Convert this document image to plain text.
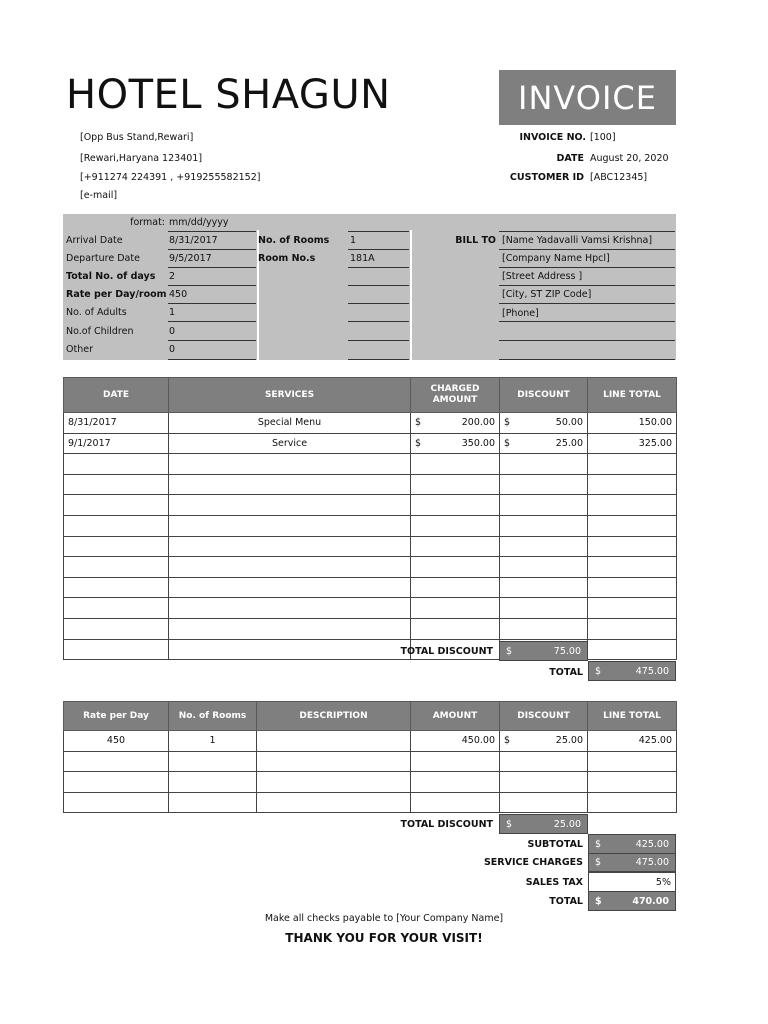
HOTEL SHAGUN	INVOICE
[Opp Bus Stand,Rewari]
[Rewari,Haryana 123401]
[+911274 224391 , +919255582152]
[e-mail]
INVOICE NO. [100]
DATE August 20, 2020
CUSTOMER ID [ABC12345]
format: mm/dd/yyyy
Arrival Date	8/31/2017
Departure Date	9/5/2017
Total No. of days 2
Rate per Day/room 450
No. of Adults	1
No.of Children	0
Other	0
No. of Rooms 1
Room No.s	181A
BILL TO [Name Yadavalli Vamsi Krishna]
[Company Name Hpcl]
[Street Address ]
[City, ST ZIP Code]
[Phone]
DATE	SERVICES	CHARGED AMOUNT	DISCOUNT	LINE TOTAL
8/31/2017	Special Menu	$ 200.00	$ 50.00	150.00
9/1/2017	Service	$ 350.00	$ 25.00	325.00

TOTAL DISCOUNT $	75.00
TOTAL $	475.00
Rate per Day	No. of Rooms	DESCRIPTION	AMOUNT	DISCOUNT	LINE TOTAL
450	1		450.00	$ 25.00	425.00

TOTAL DISCOUNT $	25.00
SUBTOTAL $	425.00
SERVICE CHARGES $	475.00
SALES TAX	5%
TOTAL $	470.00
Make all checks payable to [Your Company Name]
THANK YOU FOR YOUR VISIT!
